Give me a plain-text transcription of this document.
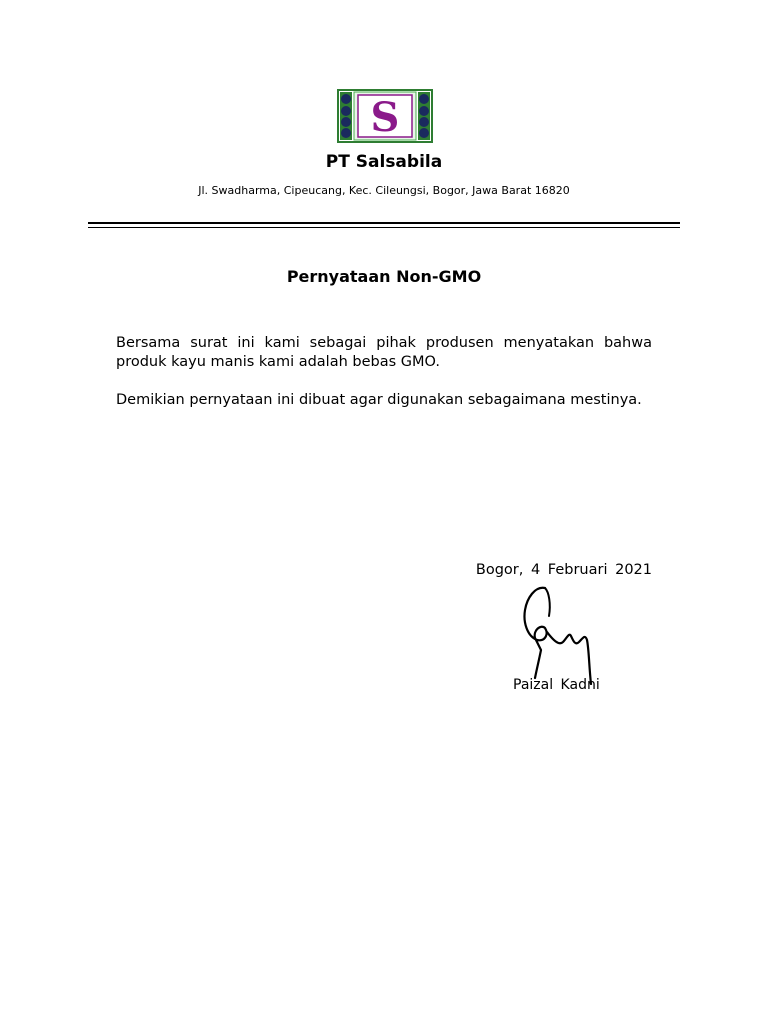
S
PT Salsabila
Jl. Swadharma, Cipeucang, Kec. Cileungsi, Bogor, Jawa Barat 16820
Pernyataan Non-GMO

Bersama surat ini kami sebagai pihak produsen menyatakan bahwa produk kayu manis kami adalah bebas GMO.

Demikian pernyataan ini dibuat agar digunakan sebagaimana mestinya.

Bogor, 4 Februari 2021
Paizal Kadni
